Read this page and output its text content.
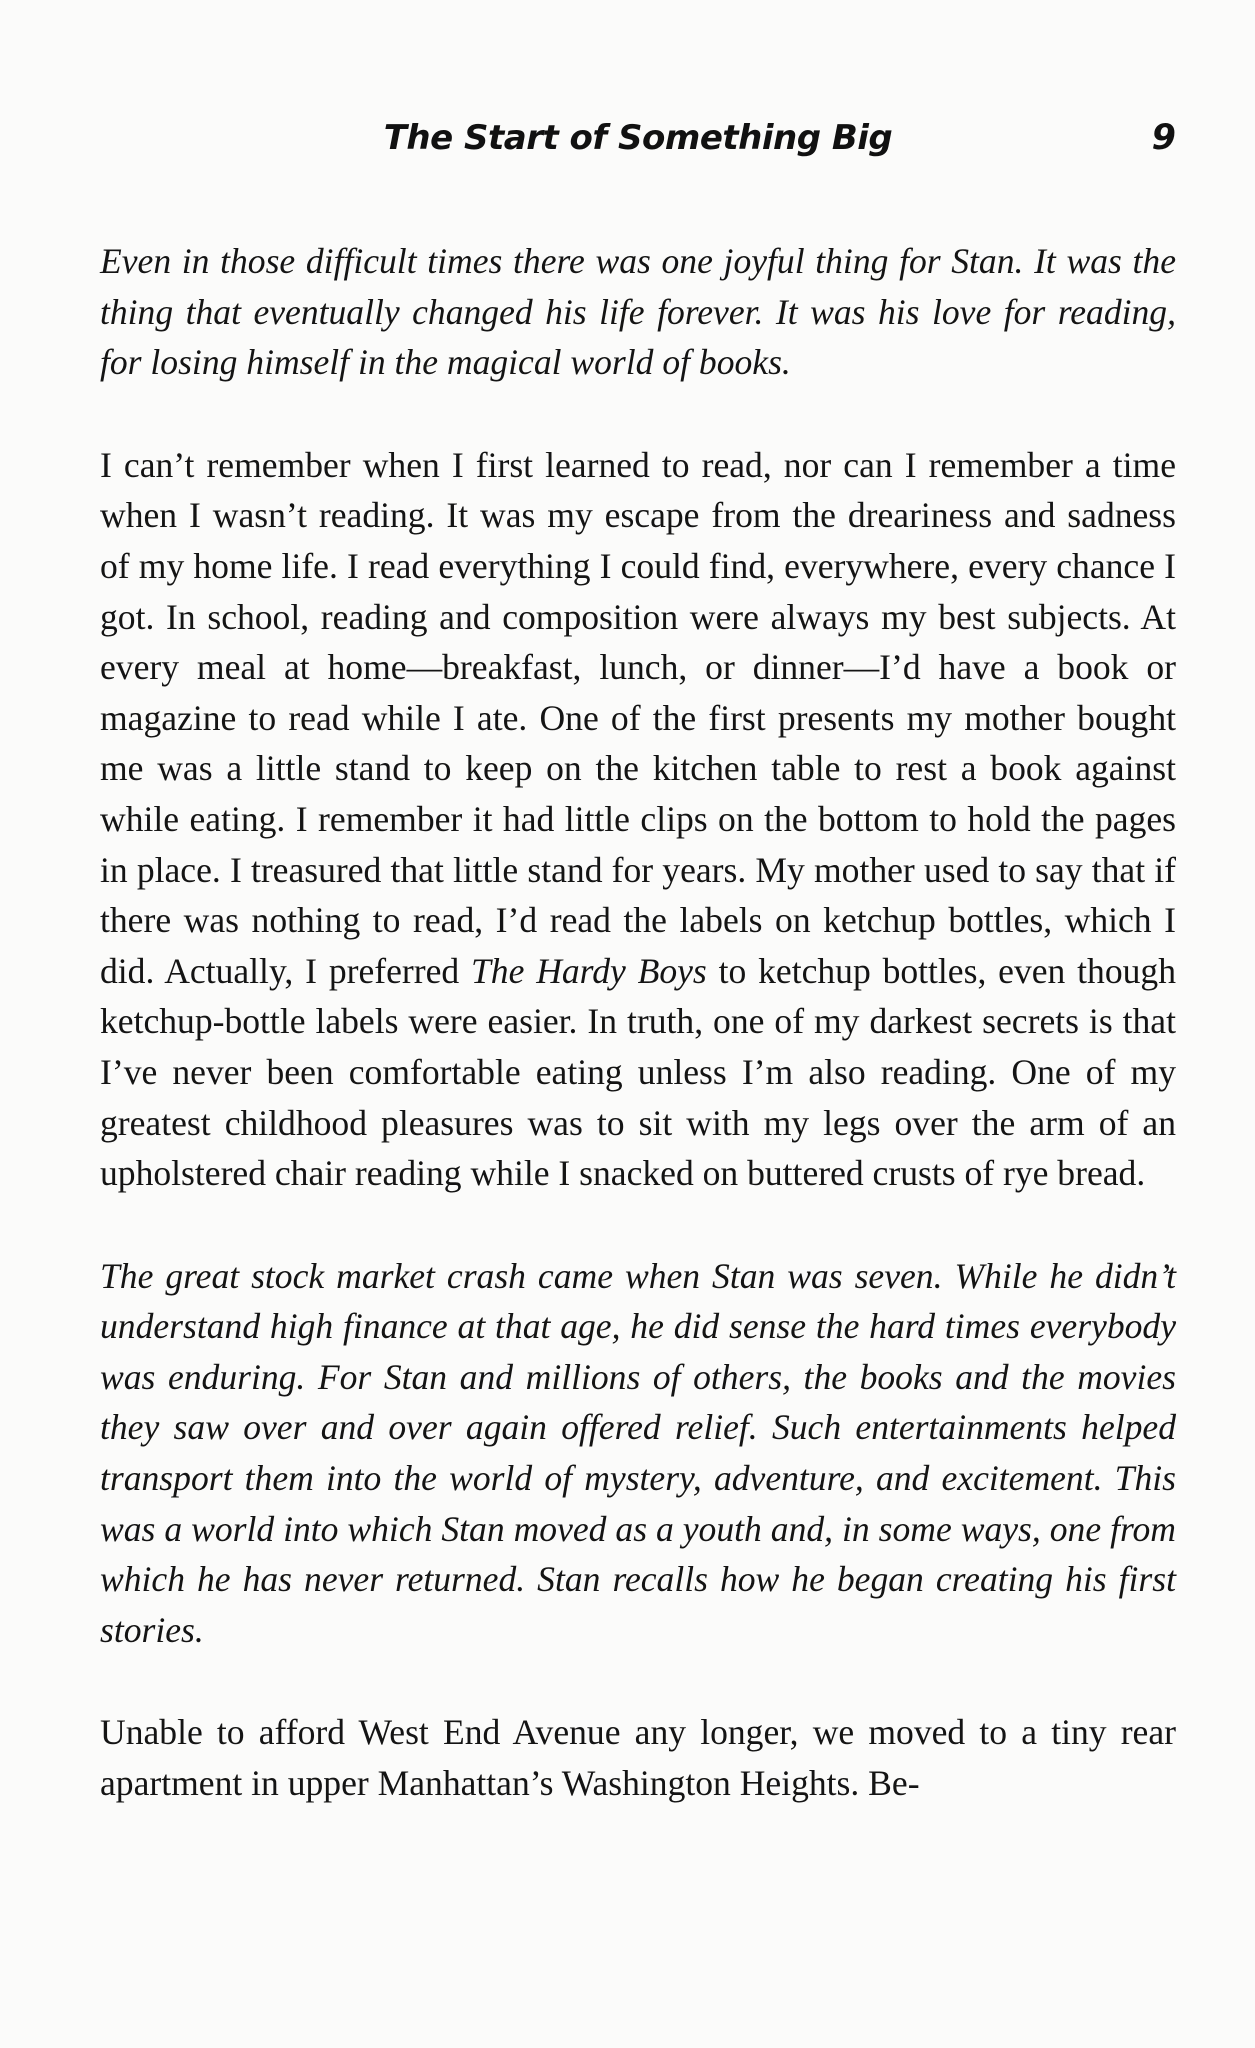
The Start of Something Big	9

Even in those difficult times there was one joyful thing for Stan. It was the thing that eventually changed his life forever. It was his love for reading, for losing himself in the magical world of books.

I can’t remember when I first learned to read, nor can I remember a time when I wasn’t reading. It was my escape from the dreariness and sadness of my home life. I read everything I could find, everywhere, every chance I got. In school, reading and composition were always my best subjects. At every meal at home—breakfast, lunch, or dinner—I’d have a book or magazine to read while I ate. One of the first presents my mother bought me was a little stand to keep on the kitchen table to rest a book against while eating. I remember it had little clips on the bottom to hold the pages in place. I treasured that little stand for years. My mother used to say that if there was nothing to read, I’d read the labels on ketchup bottles, which I did. Actually, I preferred The Hardy Boys to ketchup bottles, even though ketchup-bottle labels were easier. In truth, one of my darkest secrets is that I’ve never been comfortable eating unless I’m also reading. One of my greatest childhood pleasures was to sit with my legs over the arm of an upholstered chair reading while I snacked on buttered crusts of rye bread.

The great stock market crash came when Stan was seven. While he didn’t understand high finance at that age, he did sense the hard times everybody was enduring. For Stan and millions of others, the books and the movies they saw over and over again offered relief. Such entertainments helped transport them into the world of mystery, adventure, and excitement. This was a world into which Stan moved as a youth and, in some ways, one from which he has never returned. Stan recalls how he began creating his first stories.

Unable to afford West End Avenue any longer, we moved to a tiny rear apartment in upper Manhattan’s Washington Heights. Be-
